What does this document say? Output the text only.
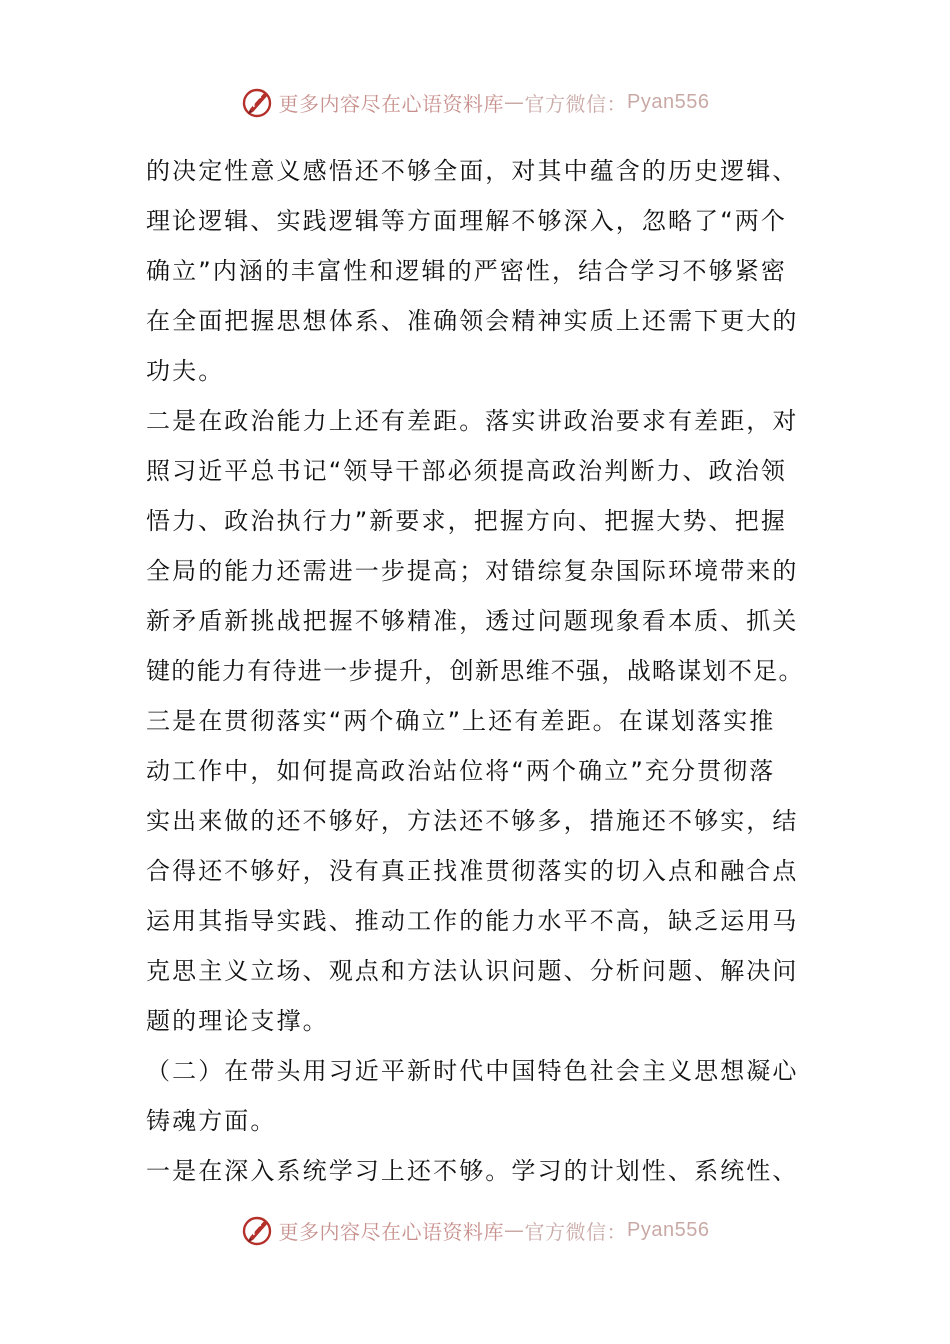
更多内容尽在心语资料库 — 官方微信： Pyan556
的决定性意义感悟还不够全面，对其中蕴含的历史逻辑、
理论逻辑、实践逻辑等方面理解不够深入，忽略了“两个
确立”内涵的丰富性和逻辑的严密性，结合学习不够紧密
在全面把握思想体系、准确领会精神实质上还需下更大的
功夫。
二是在政治能力上还有差距。落实讲政治要求有差距，对
照习近平总书记“领导干部必须提高政治判断力、政治领
悟力、政治执行力”新要求，把握方向、把握大势、把握
全局的能力还需进一步提高；对错综复杂国际环境带来的
新矛盾新挑战把握不够精准，透过问题现象看本质、抓关
键的能力有待进一步提升，创新思维不强，战略谋划不足。
三是在贯彻落实“两个确立”上还有差距。在谋划落实推
动工作中，如何提高政治站位将“两个确立”充分贯彻落
实出来做的还不够好，方法还不够多，措施还不够实，结
合得还不够好，没有真正找准贯彻落实的切入点和融合点
运用其指导实践、推动工作的能力水平不高，缺乏运用马
克思主义立场、观点和方法认识问题、分析问题、解决问
题的理论支撑。
（二）在带头用习近平新时代中国特色社会主义思想凝心
铸魂方面。
一是在深入系统学习上还不够。学习的计划性、系统性、
更多内容尽在心语资料库 — 官方微信： Pyan556
